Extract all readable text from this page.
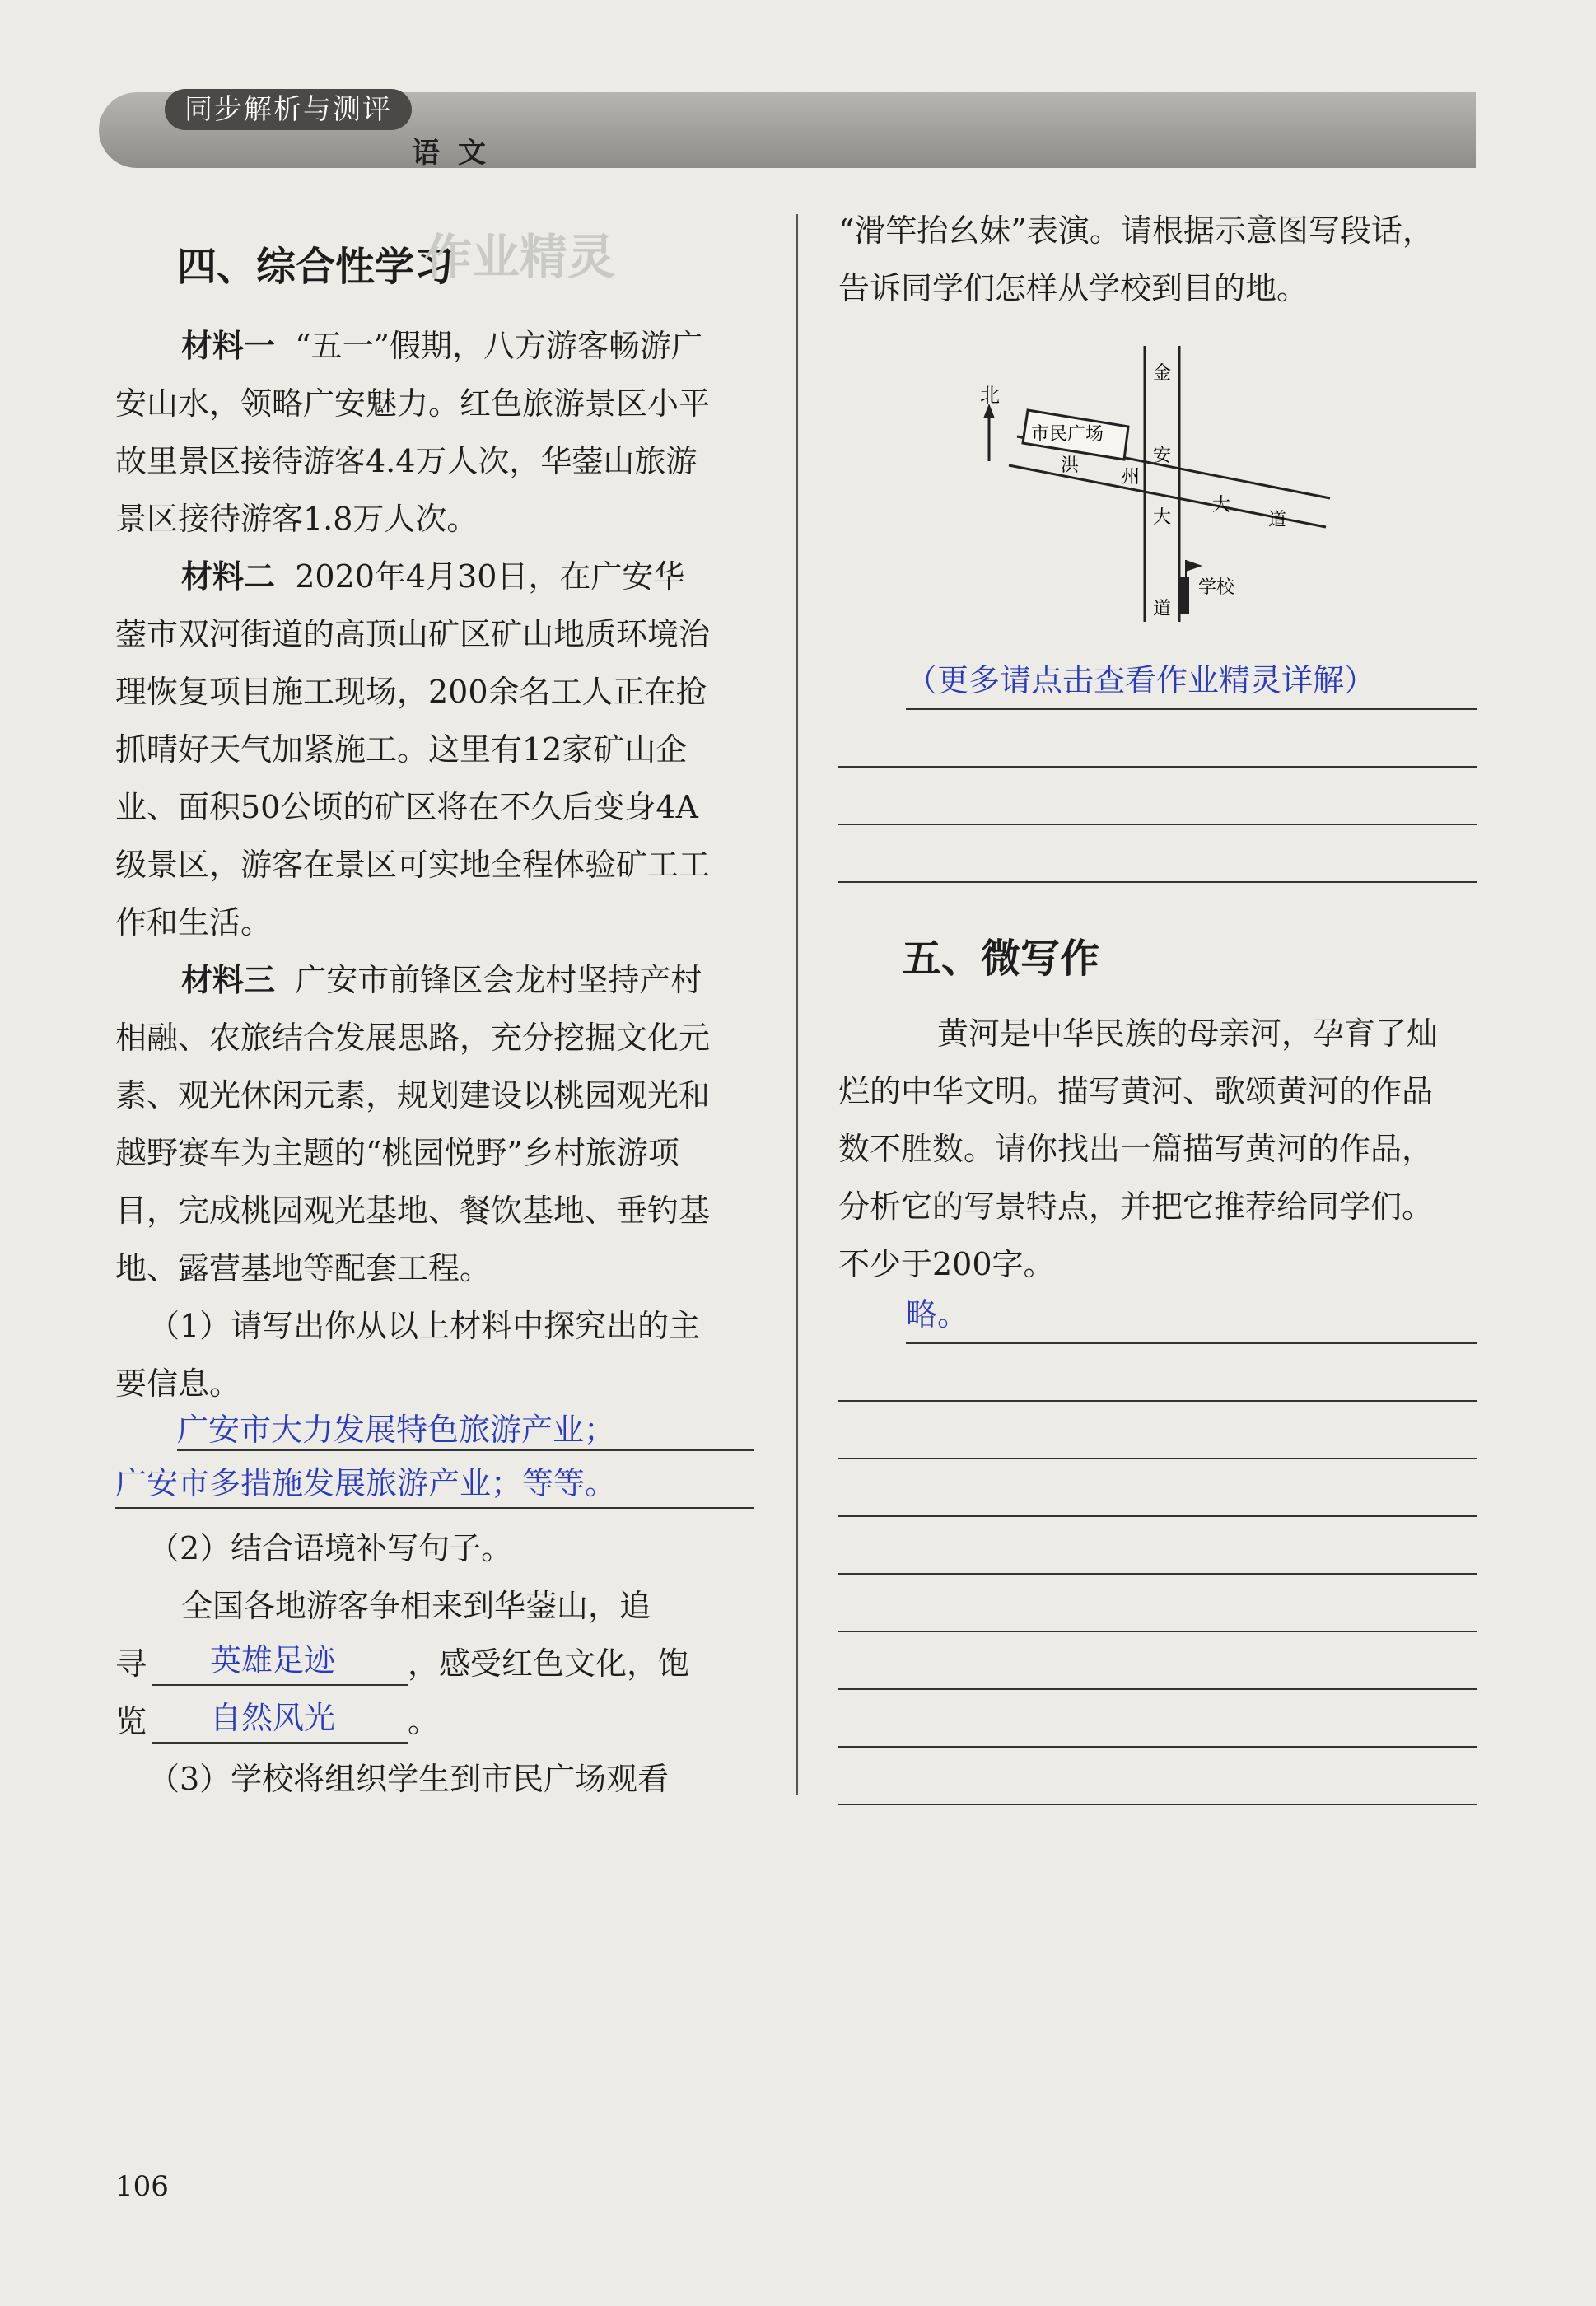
同步解析与测评
语文
四、综合性学习
作业精灵
材料一 “五一”假期，八方游客畅游广
安山水，领略广安魅力。红色旅游景区小平
故里景区接待游客4.4万人次，华蓥山旅游
景区接待游客1.8万人次。
材料二 2020年4月30日，在广安华
蓥市双河街道的高顶山矿区矿山地质环境治
理恢复项目施工现场，200余名工人正在抢
抓晴好天气加紧施工。这里有12家矿山企
业、面积50公顷的矿区将在不久后变身4A
级景区，游客在景区可实地全程体验矿工工
作和生活。
材料三 广安市前锋区会龙村坚持产村
相融、农旅结合发展思路，充分挖掘文化元
素、观光休闲元素，规划建设以桃园观光和
越野赛车为主题的“桃园悦野”乡村旅游项
目，完成桃园观光基地、餐饮基地、垂钓基
地、露营基地等配套工程。
（1）请写出你从以上材料中探究出的主
要信息。
广安市大力发展特色旅游产业；
广安市多措施发展旅游产业；等等。
（2）结合语境补写句子。
全国各地游客争相来到华蓥山，追
寻 英雄足迹 ，感受红色文化，饱
览 自然风光 。
（3）学校将组织学生到市民广场观看
“滑竿抬幺妹”表演。请根据示意图写段话，
告诉同学们怎样从学校到目的地。
北
市民广场
洪
州
大
道
金
安
大
道
学校
（更多请点击查看作业精灵详解）
五、微写作
黄河是中华民族的母亲河，孕育了灿
烂的中华文明。描写黄河、歌颂黄河的作品
数不胜数。请你找出一篇描写黄河的作品，
分析它的写景特点，并把它推荐给同学们。
不少于200字。
略。
106
